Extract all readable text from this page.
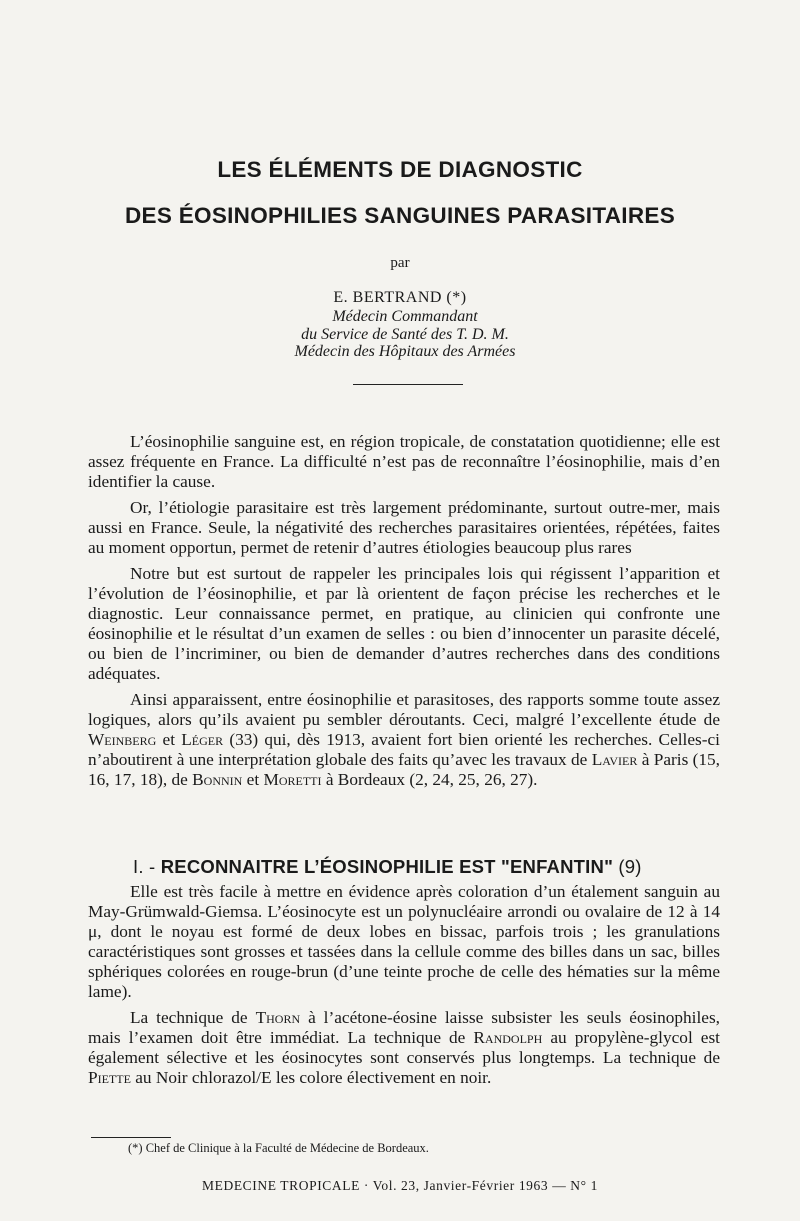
LES ÉLÉMENTS DE DIAGNOSTIC
DES ÉOSINOPHILIES SANGUINES PARASITAIRES
par
E. BERTRAND (*)
Médecin Commandant
du Service de Santé des T. D. M.
Médecin des Hôpitaux des Armées

L’éosinophilie sanguine est, en région tropicale, de constatation quotidienne; elle est assez fréquente en France. La difficulté n’est pas de reconnaître l’éosinophilie, mais d’en identifier la cause.

Or, l’étiologie parasitaire est très largement prédominante, surtout outre-mer, mais aussi en France. Seule, la négativité des recherches parasitaires orientées, répétées, faites au moment opportun, permet de retenir d’autres étiologies beaucoup plus rares

Notre but est surtout de rappeler les principales lois qui régissent l’apparition et l’évolution de l’éosinophilie, et par là orientent de façon précise les recherches et le diagnostic. Leur connaissance permet, en pratique, au clinicien qui confronte une éosinophilie et le résultat d’un examen de selles : ou bien d’innocenter un parasite décelé, ou bien de l’incriminer, ou bien de demander d’autres recherches dans des conditions adéquates.

Ainsi apparaissent, entre éosinophilie et parasitoses, des rapports somme toute assez logiques, alors qu’ils avaient pu sembler déroutants. Ceci, malgré l’excellente étude de Weinberg et Léger (33) qui, dès 1913, avaient fort bien orienté les recherches. Celles-ci n’aboutirent à une interprétation globale des faits qu’avec les travaux de Lavier à Paris (15, 16, 17, 18), de Bonnin et Moretti à Bordeaux (2, 24, 25, 26, 27).

I. - RECONNAITRE L’ÉOSINOPHILIE EST "ENFANTIN" (9)

Elle est très facile à mettre en évidence après coloration d’un étalement sanguin au May-Grümwald-Giemsa. L’éosinocyte est un polynucléaire arrondi ou ovalaire de 12 à 14 μ, dont le noyau est formé de deux lobes en bissac, parfois trois ; les granulations caractéristiques sont grosses et tassées dans la cellule comme des billes dans un sac, billes sphériques colorées en rouge-brun (d’une teinte proche de celle des hématies sur la même lame).

La technique de Thorn à l’acétone-éosine laisse subsister les seuls éosinophiles, mais l’examen doit être immédiat. La technique de Randolph au propylène-glycol est également sélective et les éosinocytes sont conservés plus longtemps. La technique de Piette au Noir chlorazol/E les colore électivement en noir.

(*) Chef de Clinique à la Faculté de Médecine de Bordeaux.

MEDECINE TROPICALE · Vol. 23, Janvier-Février 1963 — N° 1
